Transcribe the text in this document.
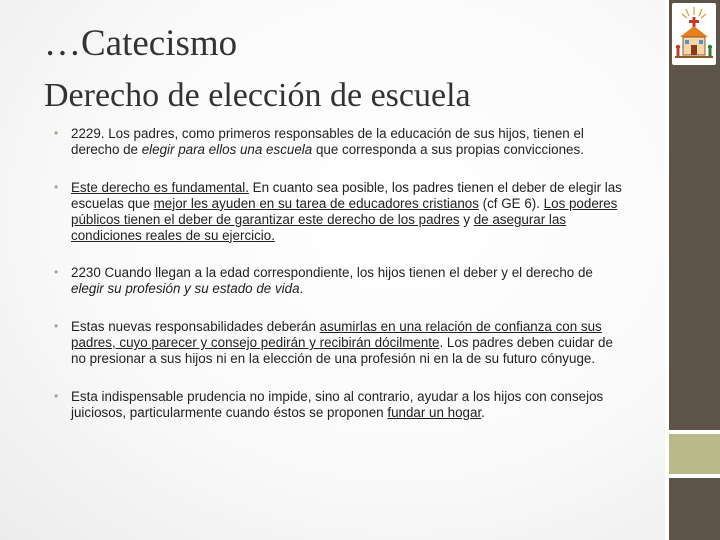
…Catecismo
Derecho de elección de escuela
• 2229. Los padres, como primeros responsables de la educación de sus hijos, tienen el derecho de elegir para ellos una escuela que corresponda a sus propias convicciones.
• Este derecho es fundamental. En cuanto sea posible, los padres tienen el deber de elegir las escuelas que mejor les ayuden en su tarea de educadores cristianos (cf GE 6). Los poderes públicos tienen el deber de garantizar este derecho de los padres y de asegurar las condiciones reales de su ejercicio.
• 2230 Cuando llegan a la edad correspondiente, los hijos tienen el deber y el derecho de elegir su profesión y su estado de vida.
• Estas nuevas responsabilidades deberán asumirlas en una relación de confianza con sus padres, cuyo parecer y consejo pedirán y recibirán dócilmente. Los padres deben cuidar de no presionar a sus hijos ni en la elección de una profesión ni en la de su futuro cónyuge.
• Esta indispensable prudencia no impide, sino al contrario, ayudar a los hijos con consejos juiciosos, particularmente cuando éstos se proponen fundar un hogar.
